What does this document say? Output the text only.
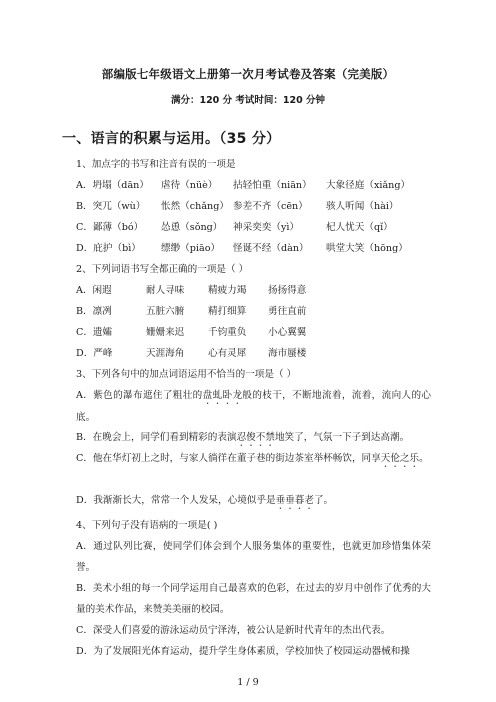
部编版七年级语文上册第一次月考试卷及答案（完美版）
满分：120 分 考试时间：120 分钟
一、语言的积累与运用。（35 分）
1、加点字的书写和注音有误的一项是
A．坍塌（dān） 虐待（nüè） 拈轻怕重（niān） 大象径庭（xiǎng）
B．突兀（wù） 怅然（chǎng） 参差不齐（cēn） 骇人听闻（hài）
C．鄙薄（bó） 怂恿（sǒng） 神采奕奕（yì）	杞人忧天（qǐ）
D．庇护（bì） 缥缈（piāo） 怪诞不经（dàn） 哄堂大笑（hōng）
2、下列词语书写全都正确的一项是（ ）
A．闲遐	耐人寻味 精疲力竭 扬扬得意
B．凛冽	五脏六腑 精打细算 勇往直前
C．遗孀	姗姗来迟 千钧重负 小心翼翼
D．严峰	天涯海角 心有灵犀 海市蜃楼
3、下列各句中的加点词语运用不恰当的一项是（ ）
A．紫色的瀑布遮住了粗壮的盘虬卧龙般的枝干，不断地流着，流着，流向人的心底。
B．在晚会上，同学们看到精彩的表演忍俊不禁地笑了，气氛一下子到达高潮。
C．他在华灯初上之时，与家人徜徉在董子巷的街边茶室举杯畅饮，同享天伦之乐。
D．我渐渐长大，常常一个人发呆，心境似乎是垂垂暮老了。
4、下列句子没有语病的一项是( )
A．通过队列比赛，使同学们体会到个人服务集体的重要性，也就更加珍惜集体荣誉。
B．美术小组的每一个同学运用自己最喜欢的色彩，在过去的岁月中创作了优秀的大量的美术作品，来赞美美丽的校园。
C．深受人们喜爱的游泳运动员宁泽涛，被公认是新时代青年的杰出代表。
D．为了发展阳光体育运动，提升学生身体素质，学校加快了校园运动器械和操
1 / 9
